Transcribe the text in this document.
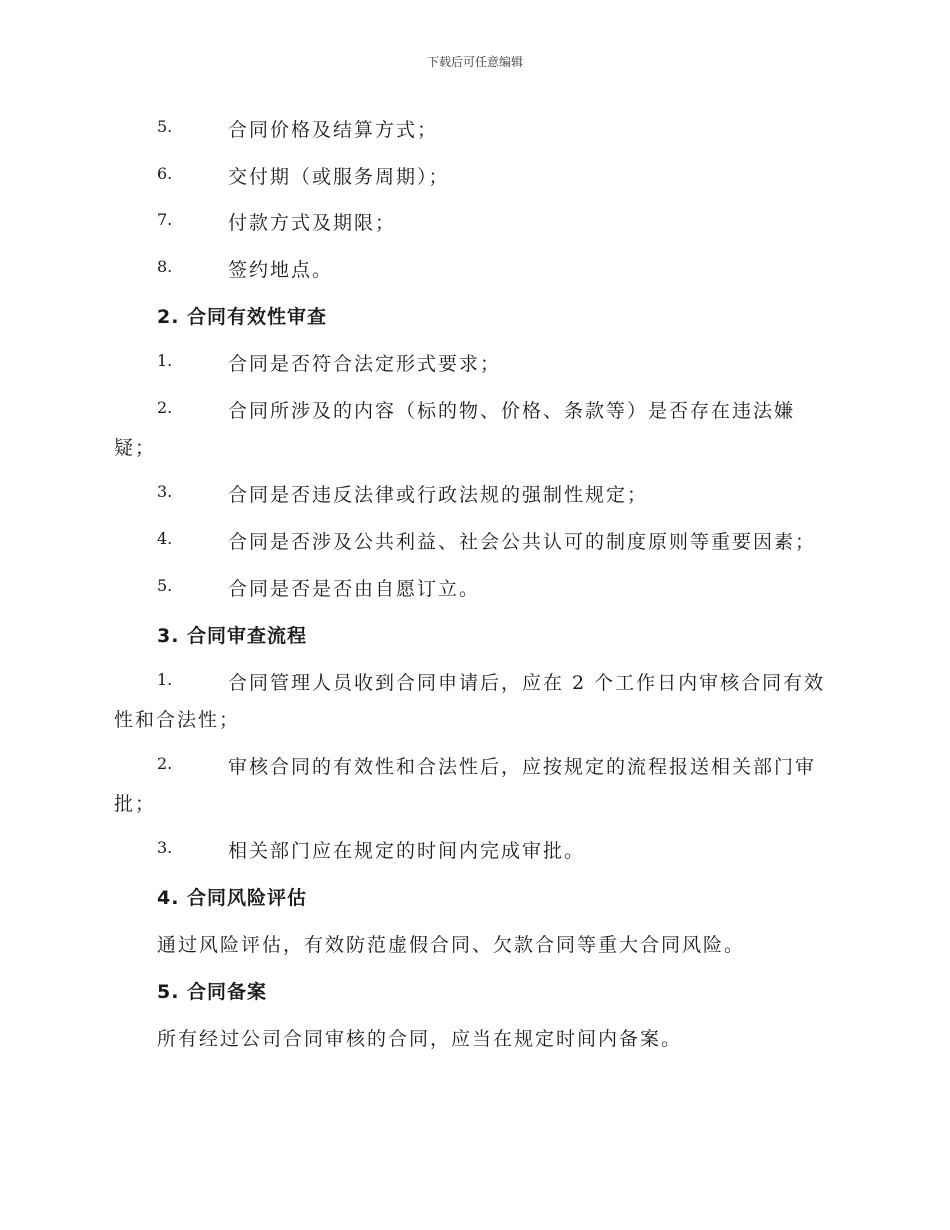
下载后可任意编辑
5.	合同价格及结算方式；
6.	交付期（或服务周期）；
7.	付款方式及期限；
8.	签约地点。
2. 合同有效性审查
1.	合同是否符合法定形式要求；
2.	合同所涉及的内容（标的物、价格、条款等）是否存在违法嫌
疑；
3.	合同是否违反法律或行政法规的强制性规定；
4.	合同是否涉及公共利益、社会公共认可的制度原则等重要因素；
5.	合同是否是否由自愿订立。
3. 合同审查流程
1.	合同管理人员收到合同申请后，应在 2 个工作日内审核合同有效
性和合法性；
2.	审核合同的有效性和合法性后，应按规定的流程报送相关部门审
批；
3.	相关部门应在规定的时间内完成审批。
4. 合同风险评估
通过风险评估，有效防范虚假合同、欠款合同等重大合同风险。
5. 合同备案
所有经过公司合同审核的合同，应当在规定时间内备案。
